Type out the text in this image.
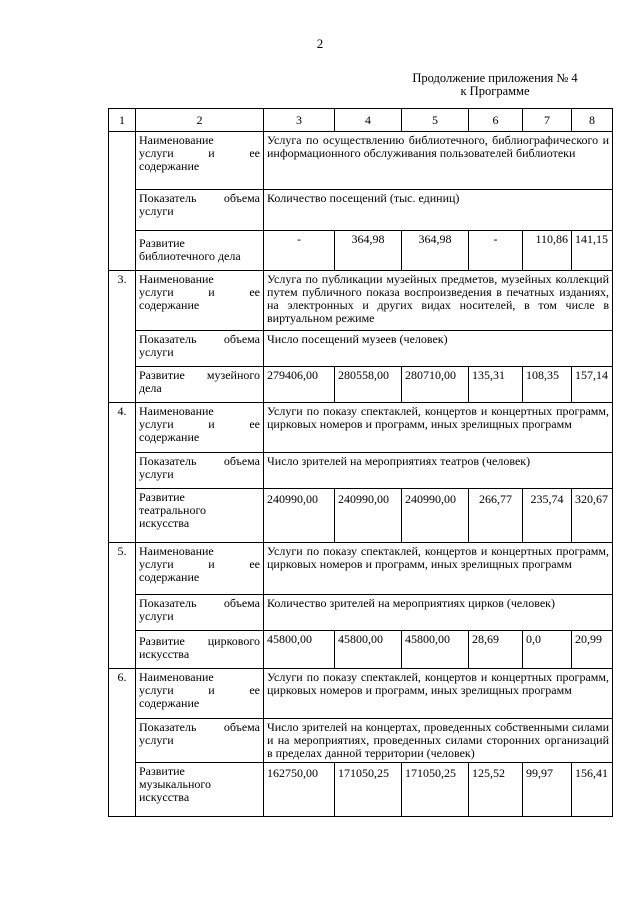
2
Продолжение приложения № 4
к Программе
1	2	3	4	5	6	7	8

	Наименование
услуги и ее
содержание	Услуга по осуществлению библиотечного, библиографического и информационного обслуживания пользователей библиотеки					

	Показатель объема
услуги	Количество посещений (тыс. единиц)					

	Развитие
библиотечного дела	-	364,98	364,98	-	110,86	141,15
3.	Наименование
услуги и ее
содержание	Услуга по публикации музейных предметов, музейных коллекций путем публичного показа воспроизведения в печатных изданиях, на электронных и других видах носителей, в том числе в виртуальном режиме					

	Показатель объема
услуги	Число посещений музеев (человек)					

	Развитие музейного
дела	279406,00	280558,00	280710,00	135,31	108,35	157,14
4.	Наименование
услуги и ее
содержание	Услуги по показу спектаклей, концертов и концертных программ, цирковых номеров и программ, иных зрелищных программ					

	Показатель объема
услуги	Число зрителей на мероприятиях театров (человек)					

	Развитие
театрального
искусства	240990,00	240990,00	240990,00	266,77	235,74	320,67
5.	Наименование
услуги и ее
содержание	Услуги по показу спектаклей, концертов и концертных программ, цирковых номеров и программ, иных зрелищных программ					

	Показатель объема
услуги	Количество зрителей на мероприятиях цирков (человек)					

	Развитие циркового
искусства	45800,00	45800,00	45800,00	28,69	0,0	20,99
6.	Наименование
услуги и ее
содержание	Услуги по показу спектаклей, концертов и концертных программ, цирковых номеров и программ, иных зрелищных программ					

	Показатель объема
услуги	Число зрителей на концертах, проведенных собственными силами и на мероприятиях, проведенных силами сторонних организаций в пределах данной территории (человек)					

	Развитие
музыкального
искусства	162750,00	171050,25	171050,25	125,52	99,97	156,41
